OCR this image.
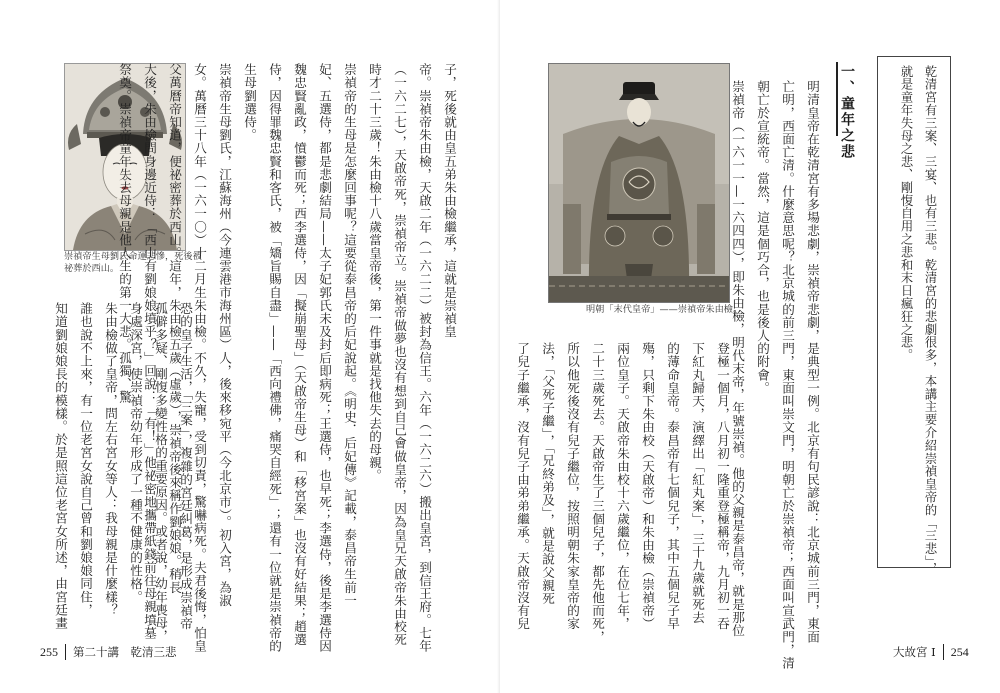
崇禎帝生母劉氏命運悲慘，死後被
祕葬於西山。	子，死後就由皇五弟朱由檢繼承，這就是崇禎皇
帝。崇禎帝朱由檢，天啟二年（一六二二）被封為信王。六年（一六二六）搬出皇宮，到信王府。七年
（一六二七），天啟帝死，崇禎帝立。崇禎帝做夢也沒有想到自己會做皇帝，因為皇兄天啟帝朱由校死
時才二十三歲！朱由檢十八歲當皇帝後，第一件事就是找他失去的母親。
崇禎帝的生母是怎麼回事呢？這要從泰昌帝的后妃說起。《明史．后妃傳》記載，泰昌帝生前一
妃、五選侍，都是悲劇結局——太子妃郭氏未及封后即病死；王選侍，也早死；李選侍，後是李選侍因
魏忠賢亂政，憤鬱而死；西李選侍，因「擬崩聖母」（天啟帝生母）和「移宮案」也沒有好結果；趙選
侍，因得罪魏忠賢和客氏，被「矯旨賜自盡」——「西向禮佛，痛哭自經死」；還有一位就是崇禎帝的
生母劉選侍。
崇禎帝生母劉氏，江蘇海州（今連雲港市海州區）人，後來移宛平（今北京市）。初入宮，為淑
女。萬曆三十八年（一六一〇）十二月生朱由檢。不久，失寵，受到切責，驚嚇病死。夫君後悔，怕皇
父萬曆帝知道，便祕密葬於西山。這年，朱由檢五歲（虛歲），崇禎帝後來稱作劉娘娘。稍長
大後，朱由檢問身邊近侍：「西山有劉娘娘墳乎？」回說：「有！」他祕密地攜帶紙錢前往母親墳墓
祭奠。崇禎帝童年失去母親是他人生的第一大悲。孤獨、驚
恐的皇子生活，「三案」，複雜的宮廷糾葛，是形成崇禎帝
孤僻多疑、剛愎多變性格的重要原因。或者說，幼年喪母，
身處深宮，使崇禎帝幼年形成了一種不健康的性格。
朱由檢做了皇帝，問左右宮女等人：我母親是什麼樣？
誰也說不上來，有一位老宮女說自己曾和劉娘娘同住，
知道劉娘娘長的模樣。於是照這位老宮女所述，由宮廷畫
255 第二十講　乾清三悲
明朝「末代皇帝」——崇禎帝朱由檢。	明清皇帝在乾清宮有多場悲劇，崇禎帝悲劇，是典型一例。北京有句民諺說：北京城前三門，東面
亡明，西面亡清。什麼意思呢？北京城的前三門，東面叫崇文門，明朝亡於崇禎帝；西面叫宣武門，清
朝亡於宣統帝。當然，這是個巧合，也是後人的附會。
崇禎帝（一六一一—一六四四），即朱由檢，明代末帝，年號崇禎。他的父親是泰昌帝，就是那位
登極一個月，八月初一隆重登極稱帝，九月初一吞
下紅丸歸天，演繹出「紅丸案」，三十九歲就死去
的薄命皇帝。泰昌帝有七個兒子，其中五個兒子早
殤，只剩下朱由校（天啟帝）和朱由檢（崇禎帝）
兩位皇子。天啟帝朱由校十六歲繼位，在位七年，
二十三歲死去。天啟帝生了三個兒子，都先他而死，
所以他死後沒有兒子繼位，按照明朝朱家皇帝的家
法，「父死子繼」，「兄終弟及」，就是說父親死
了兒子繼承，沒有兒子由弟弟繼承。天啟帝沒有兒
一、童年之悲	乾清宮有三案、三宴、也有三悲。乾清宮的悲劇很多，本講主要介紹崇禎皇帝的「三悲」，
就是童年失母之悲、剛愎自用之悲和末日瘋狂之悲。
大故宮 I 254
